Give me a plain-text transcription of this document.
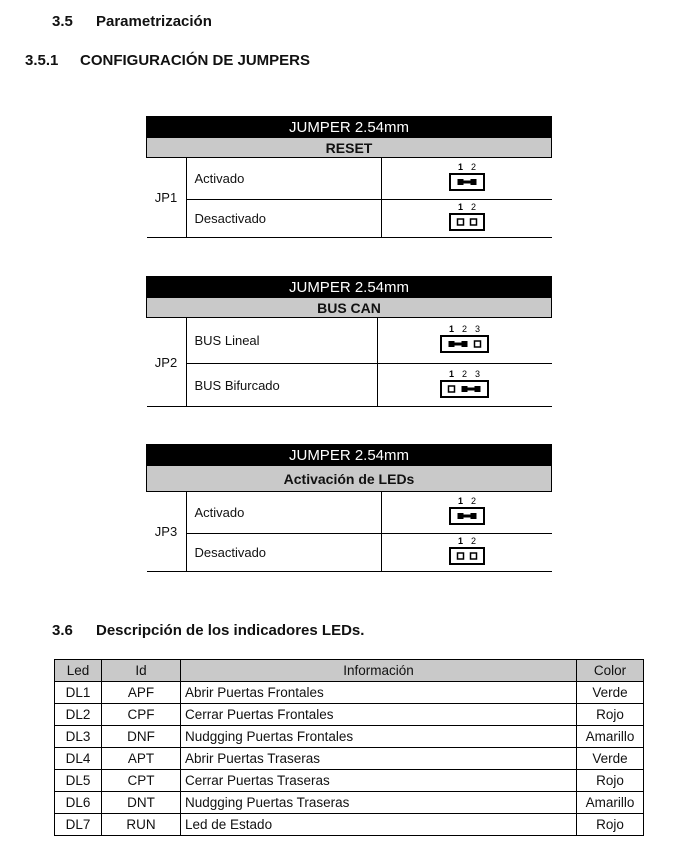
3.5 Parametrización
3.5.1 CONFIGURACIÓN DE JUMPERS
JUMPER 2.54mm		
RESET		
JP1	Activado	1 2

	Desactivado	1 2
JUMPER 2.54mm		
BUS CAN		
JP2	BUS Lineal	1 2 3

	BUS Bifurcado	1 2 3
JUMPER 2.54mm		
Activación de LEDs		
JP3	Activado	1 2

	Desactivado	1 2
3.6 Descripción de los indicadores LEDs.
Led	Id	Información	Color
DL1	APF	Abrir Puertas Frontales	Verde
DL2	CPF	Cerrar Puertas Frontales	Rojo
DL3	DNF	Nudgging Puertas Frontales	Amarillo
DL4	APT	Abrir Puertas Traseras	Verde
DL5	CPT	Cerrar Puertas Traseras	Rojo
DL6	DNT	Nudgging Puertas Traseras	Amarillo
DL7	RUN	Led de Estado	Rojo
